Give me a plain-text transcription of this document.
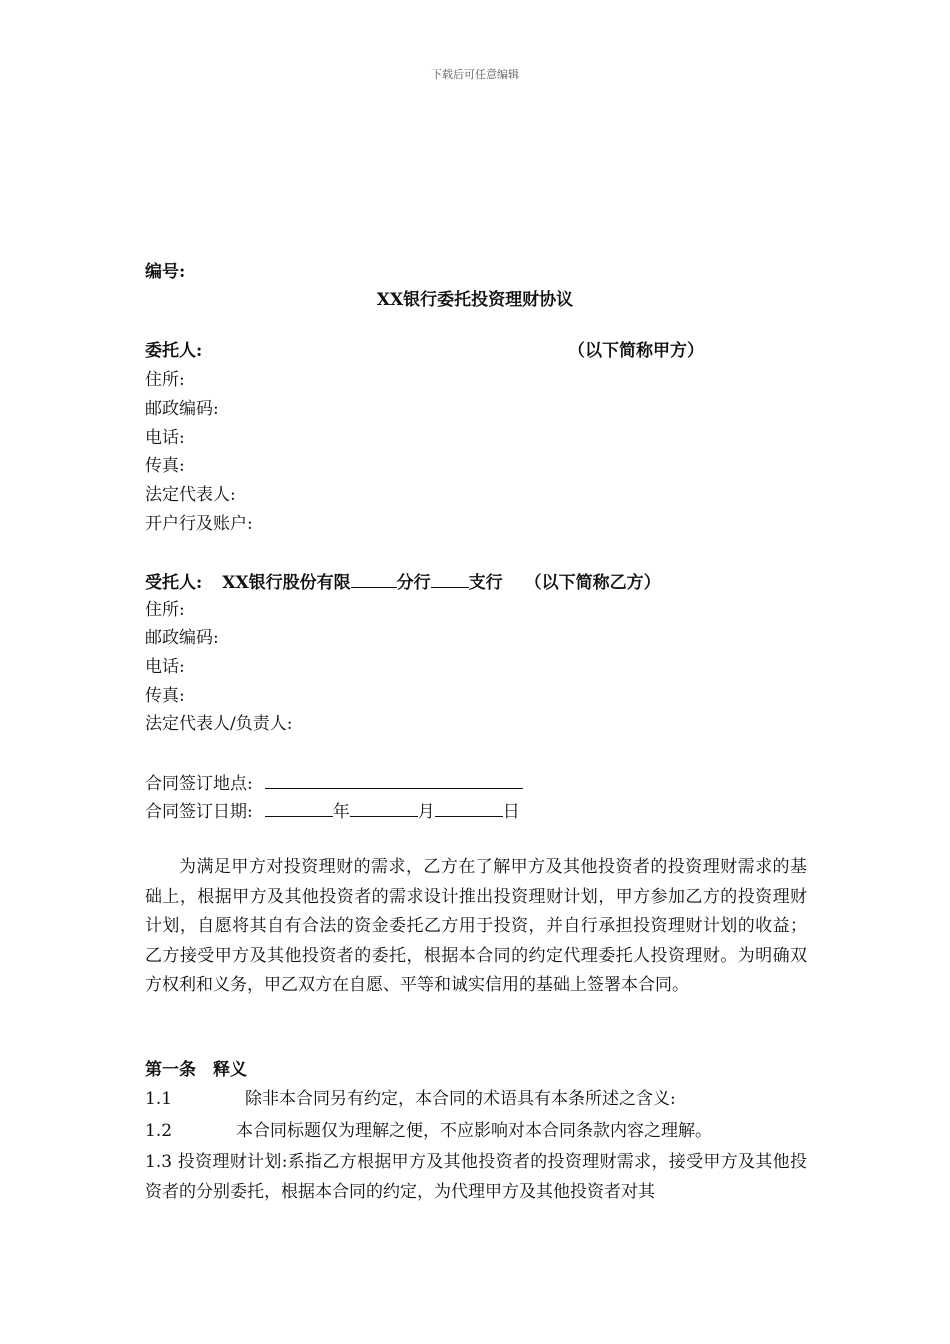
下载后可任意编辑
编号:
XX银行委托投资理财协议
委托人:	（以下简称甲方）
住所:
邮政编码:
电话:
传真:
法定代表人:
开户行及账户:
受托人: XX银行股份有限	分行 支行 （以下简称乙方）
住所:
邮政编码:
电话:
传真:
法定代表人/负责人:
合同签订地点:
合同签订日期:	年	月	日
为满足甲方对投资理财的需求，乙方在了解甲方及其他投资者的投资理财需求的基础上，根据甲方及其他投资者的需求设计推出投资理财计划，甲方参加乙方的投资理财计划，自愿将其自有合法的资金委托乙方用于投资，并自行承担投资理财计划的收益；乙方接受甲方及其他投资者的委托，根据本合同的约定代理委托人投资理财。为明确双方权利和义务，甲乙双方在自愿、平等和诚实信用的基础上签署本合同。
第一条　释义
1.1	除非本合同另有约定，本合同的术语具有本条所述之含义:
1.2	本合同标题仅为理解之便，不应影响对本合同条款内容之理解。
1.3 投资理财计划:系指乙方根据甲方及其他投资者的投资理财需求，接受甲方及其他投资者的分别委托，根据本合同的约定，为代理甲方及其他投资者对其
